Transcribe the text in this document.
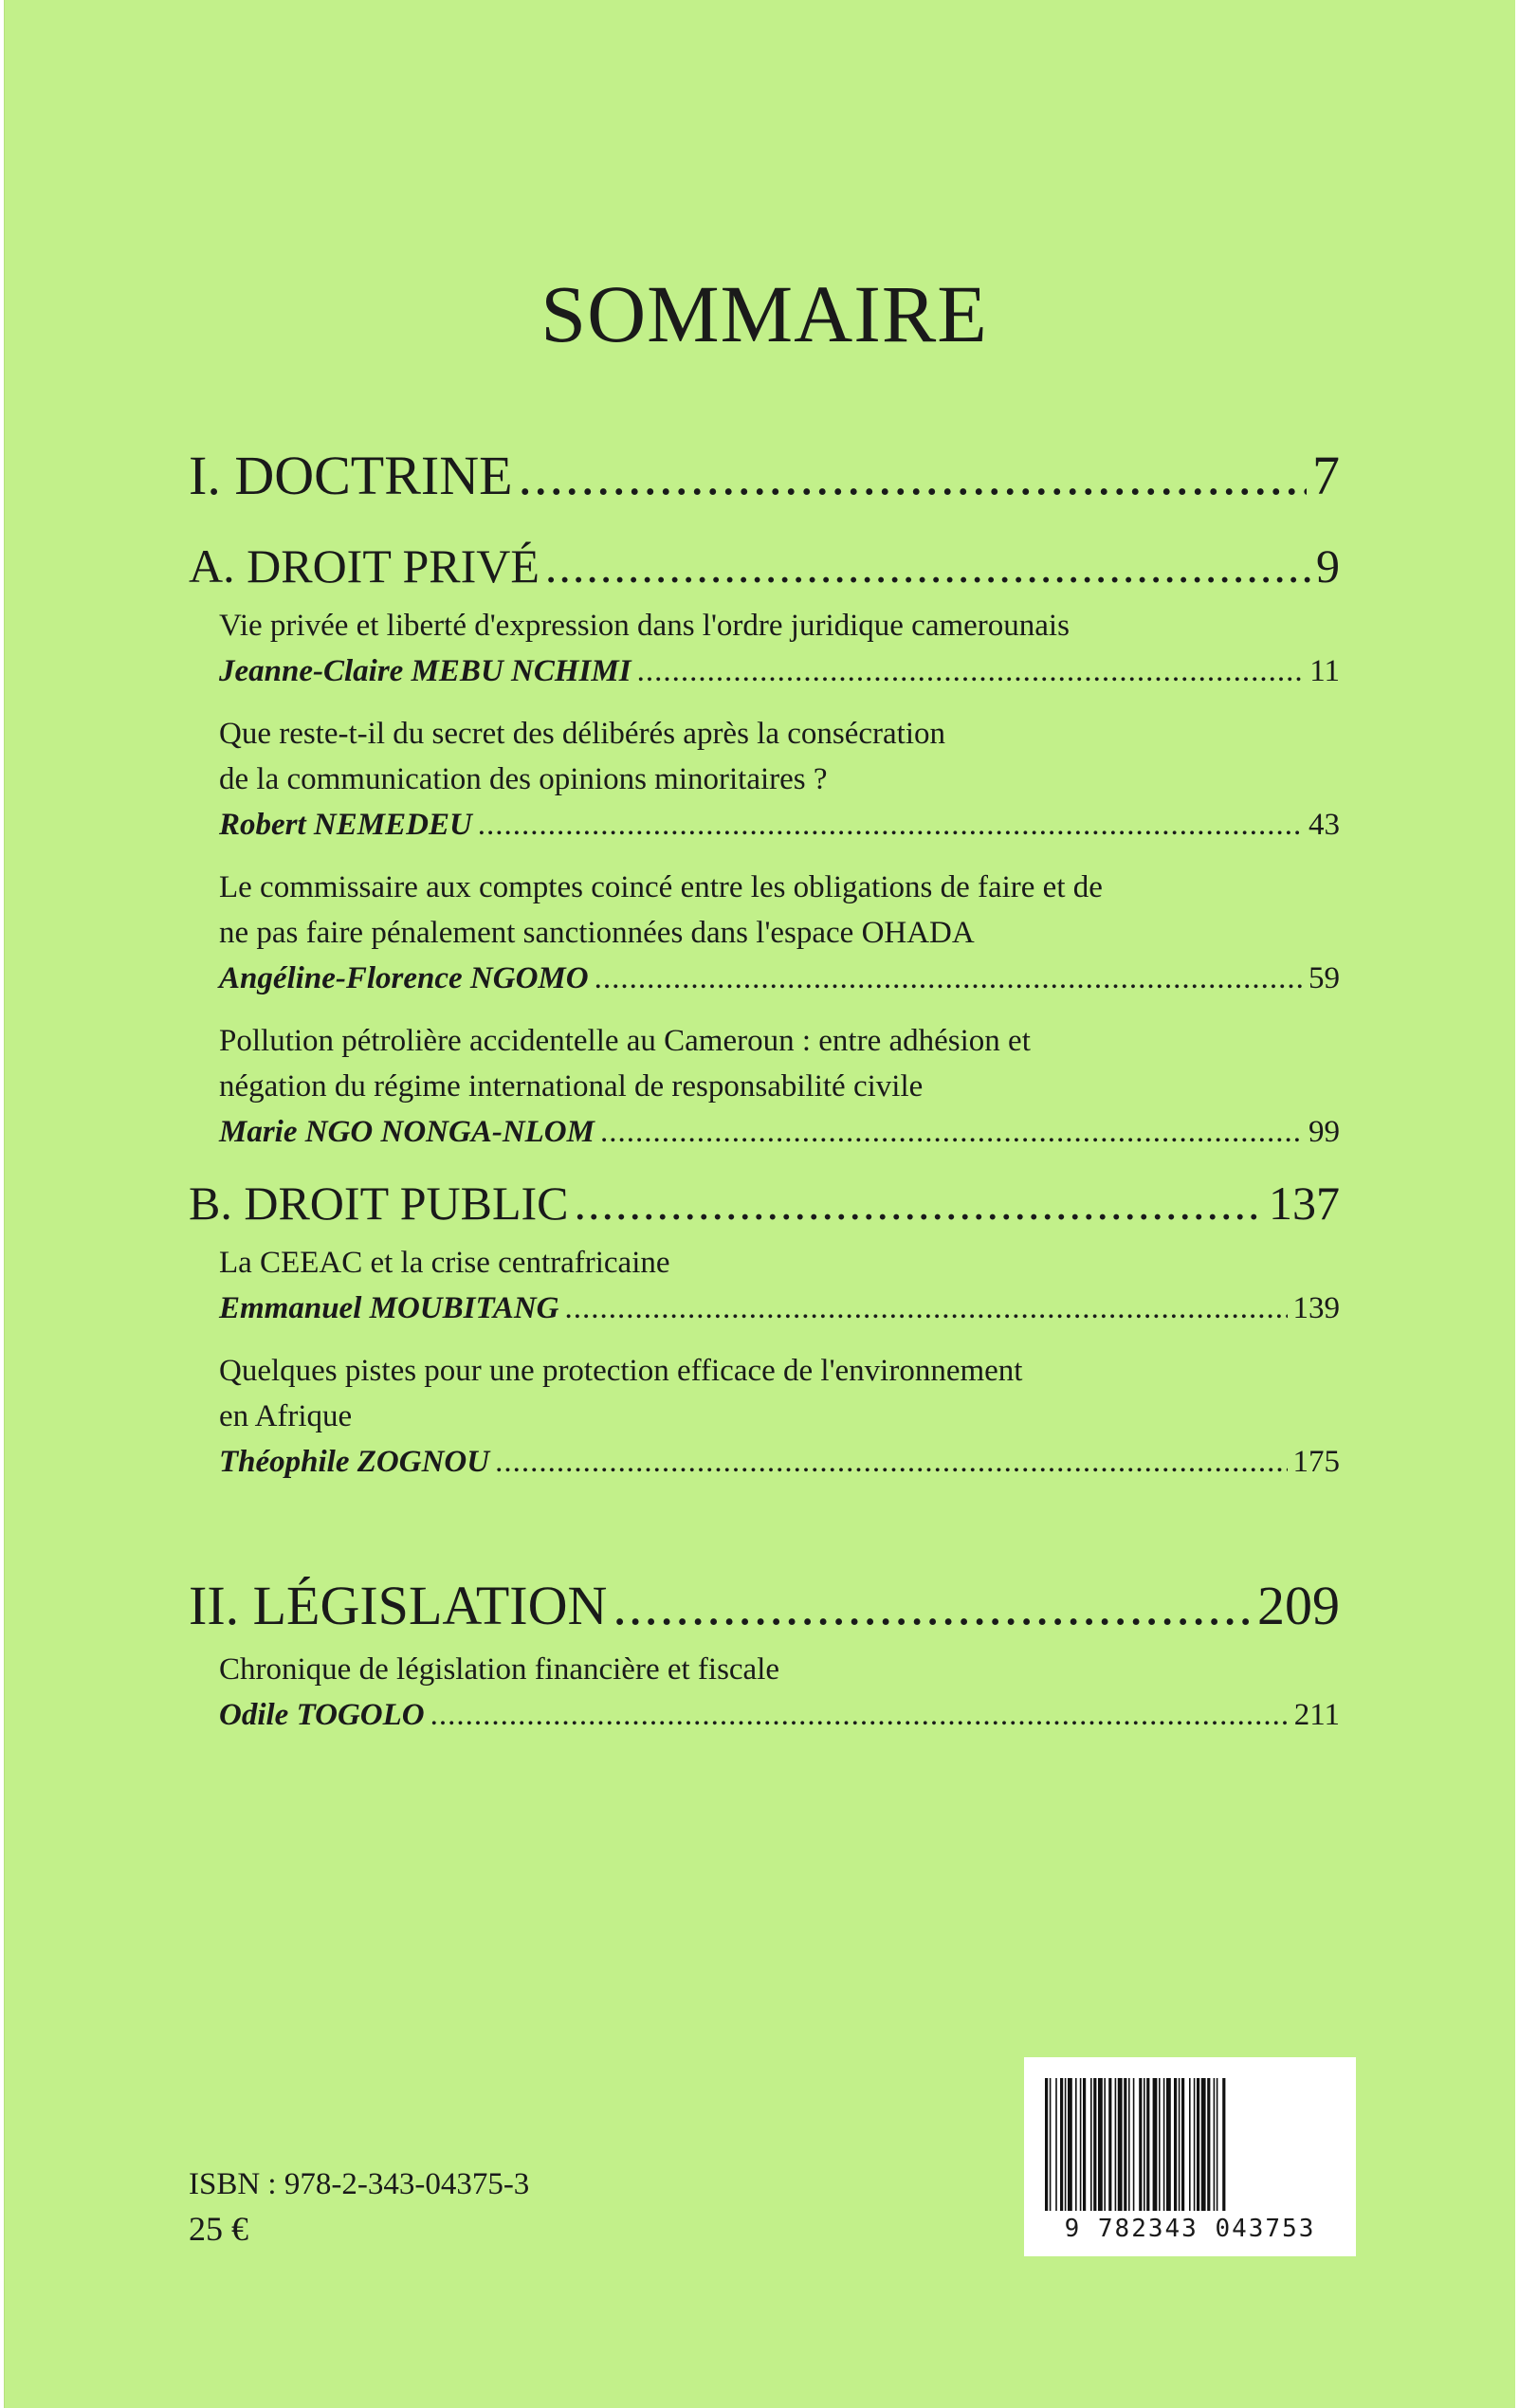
SOMMAIRE
I. DOCTRINE .....	7
A. DROIT PRIVÉ .....	9
Vie privée et liberté d'expression dans l'ordre juridique camerounais
Jeanne-Claire MEBU NCHIMI .....	11
Que reste-t-il du secret des délibérés après la consécration
de la communication des opinions minoritaires ?
Robert NEMEDEU .....	43
Le commissaire aux comptes coincé entre les obligations de faire et de
ne pas faire pénalement sanctionnées dans l'espace OHADA
Angéline-Florence NGOMO .....	59
Pollution pétrolière accidentelle au Cameroun : entre adhésion et
négation du régime international de responsabilité civile
Marie NGO NONGA-NLOM .....	99
B. DROIT PUBLIC .....	137
La CEEAC et la crise centrafricaine
Emmanuel MOUBITANG .....	139
Quelques pistes pour une protection efficace de l'environnement
en Afrique
Théophile ZOGNOU .....	175
II. LÉGISLATION .....	209
Chronique de législation financière et fiscale
Odile TOGOLO .....	211
ISBN : 978-2-343-04375-3
25 €	9 782343 043753
